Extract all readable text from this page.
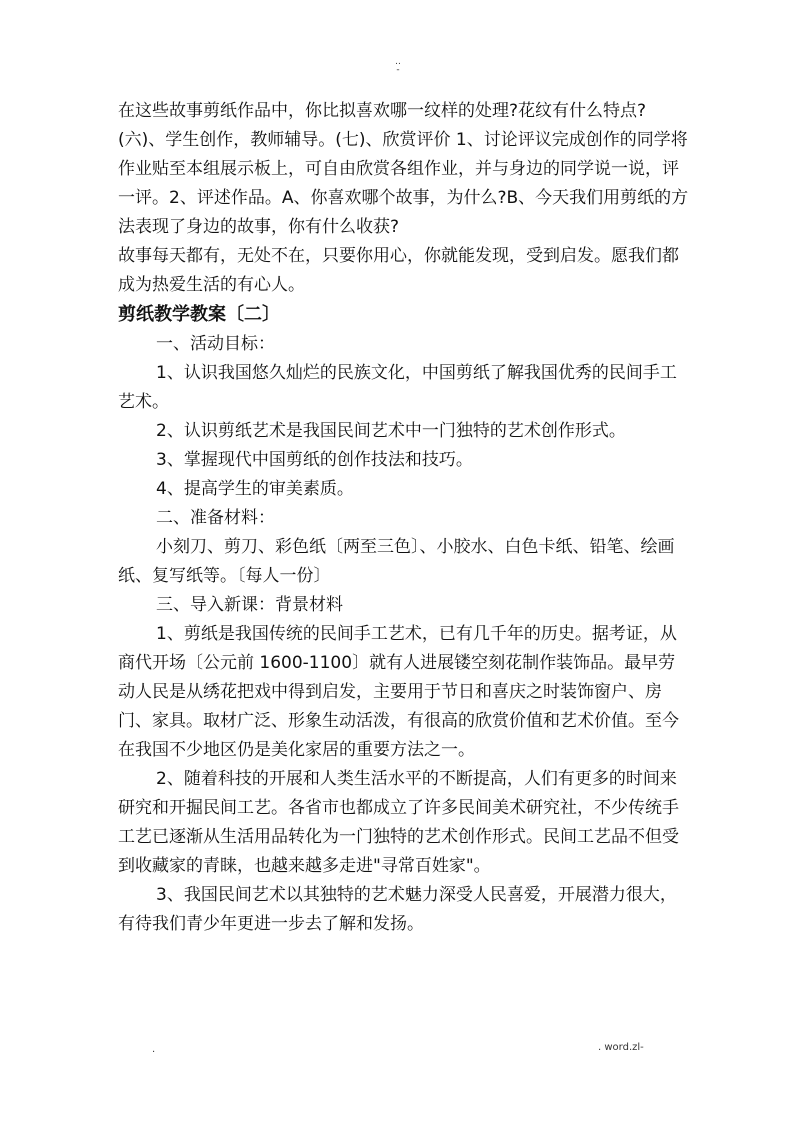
..
-

在这些故事剪纸作品中，你比拟喜欢哪一纹样的处理?花纹有什么特点?

(六)、学生创作，教师辅导。(七)、欣赏评价 1、讨论评议完成创作的同学将作业贴至本组展示板上，可自由欣赏各组作业，并与身边的同学说一说，评一评。2、评述作品。A、你喜欢哪个故事，为什么?B、今天我们用剪纸的方法表现了身边的故事，你有什么收获?

故事每天都有，无处不在，只要你用心，你就能发现，受到启发。愿我们都成为热爱生活的有心人。

剪纸教学教案〔二〕

一、活动目标：

1、认识我国悠久灿烂的民族文化，中国剪纸了解我国优秀的民间手工艺术。

2、认识剪纸艺术是我国民间艺术中一门独特的艺术创作形式。

3、掌握现代中国剪纸的创作技法和技巧。

4、提高学生的审美素质。

二、准备材料：

小刻刀、剪刀、彩色纸〔两至三色〕、小胶水、白色卡纸、铅笔、绘画纸、复写纸等。〔每人一份〕

三、导入新课：背景材料

1、剪纸是我国传统的民间手工艺术，已有几千年的历史。据考证，从商代开场〔公元前 1600-1100〕就有人进展镂空刻花制作装饰品。最早劳动人民是从绣花把戏中得到启发，主要用于节日和喜庆之时装饰窗户、房门、家具。取材广泛、形象生动活泼，有很高的欣赏价值和艺术价值。至今在我国不少地区仍是美化家居的重要方法之一。

2、随着科技的开展和人类生活水平的不断提高，人们有更多的时间来研究和开掘民间工艺。各省市也都成立了许多民间美术研究社，不少传统手工艺已逐渐从生活用品转化为一门独特的艺术创作形式。民间工艺品不但受到收藏家的青睐，也越来越多走进"寻常百姓家"。

3、我国民间艺术以其独特的艺术魅力深受人民喜爱，开展潜力很大，有待我们青少年更进一步去了解和发扬。

.	. word.zl-
